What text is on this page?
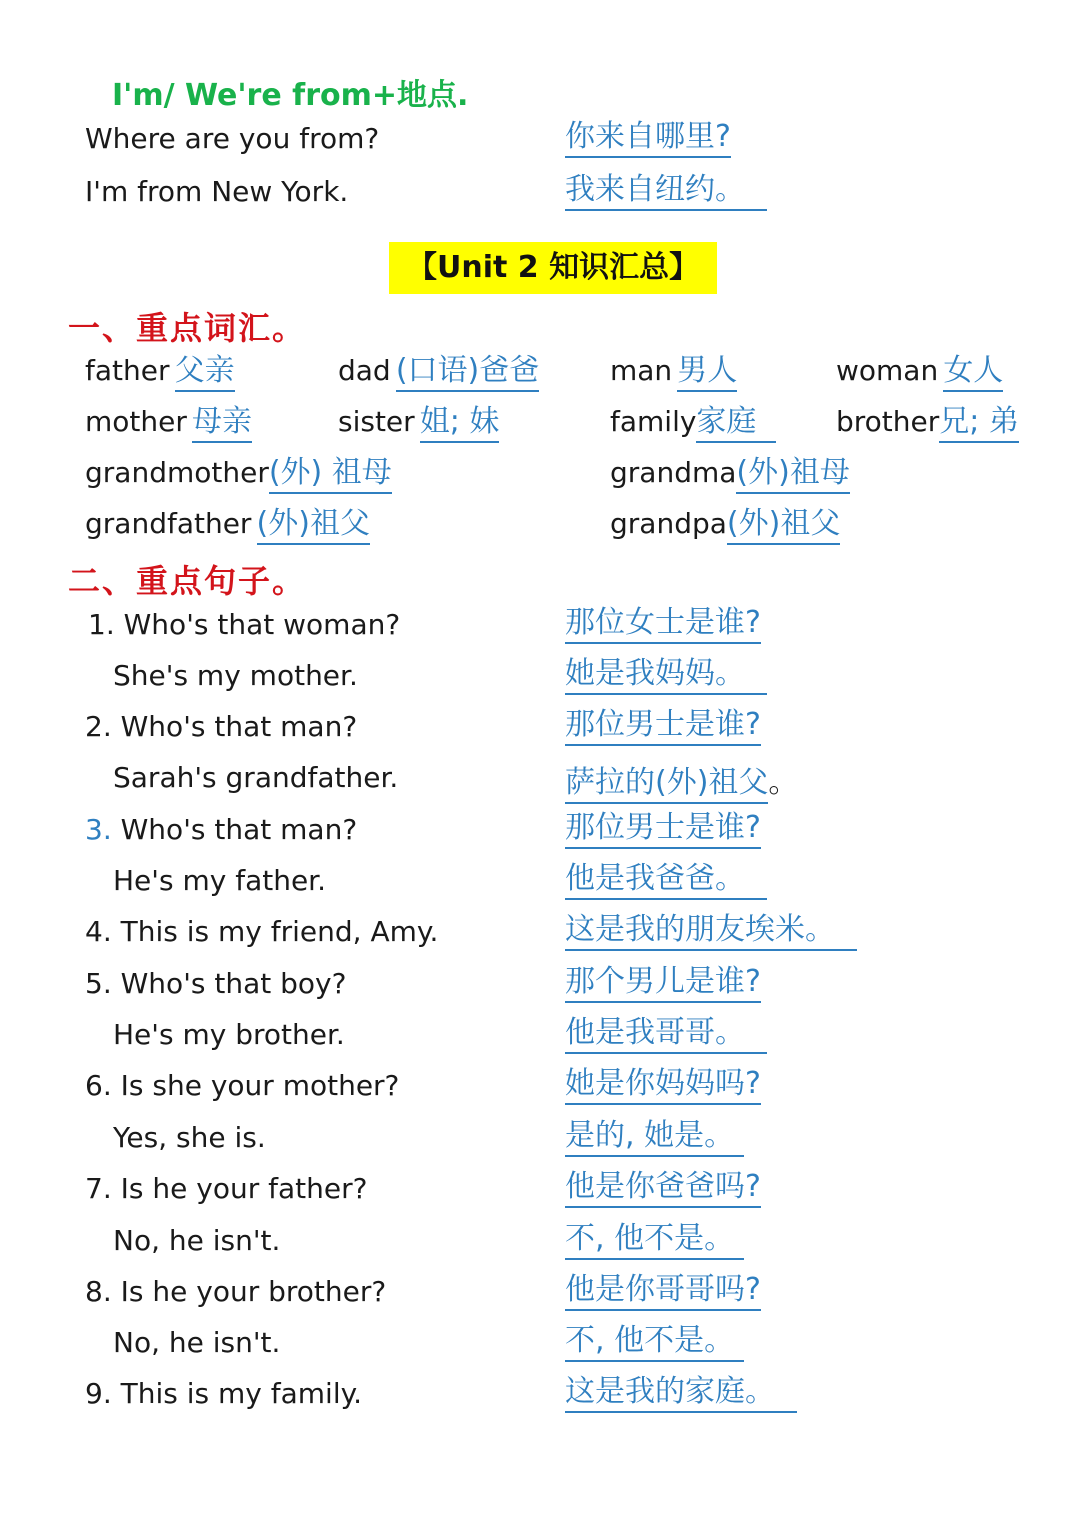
I'm/ We're from+地点.
Where are you from?	你来自哪里?
I'm from New York.	我来自纽约。
【Unit 2 知识汇总】
一、重点词汇。
father 父亲	dad (口语)爸爸	man 男人	woman 女人
mother 母亲	sister 姐; 妹	family家庭	brother兄; 弟
grandmother(外) 祖母	grandma(外)祖母
grandfather (外)祖父	grandpa(外)祖父
二、重点句子。
1. Who's that woman?	那位女士是谁?
She's my mother.	她是我妈妈。
2. Who's that man?	那位男士是谁?
Sarah's grandfather.	萨拉的(外)祖父。
3. Who's that man?	那位男士是谁?
He's my father.	他是我爸爸。
4. This is my friend, Amy.	这是我的朋友埃米。
5. Who's that boy?	那个男儿是谁?
He's my brother.	他是我哥哥。
6. Is she your mother?	她是你妈妈吗?
Yes, she is.	是的, 她是。
7. Is he your father?	他是你爸爸吗?
No, he isn't.	不, 他不是。
8. Is he your brother?	他是你哥哥吗?
No, he isn't.	不, 他不是。
9. This is my family.	这是我的家庭。
